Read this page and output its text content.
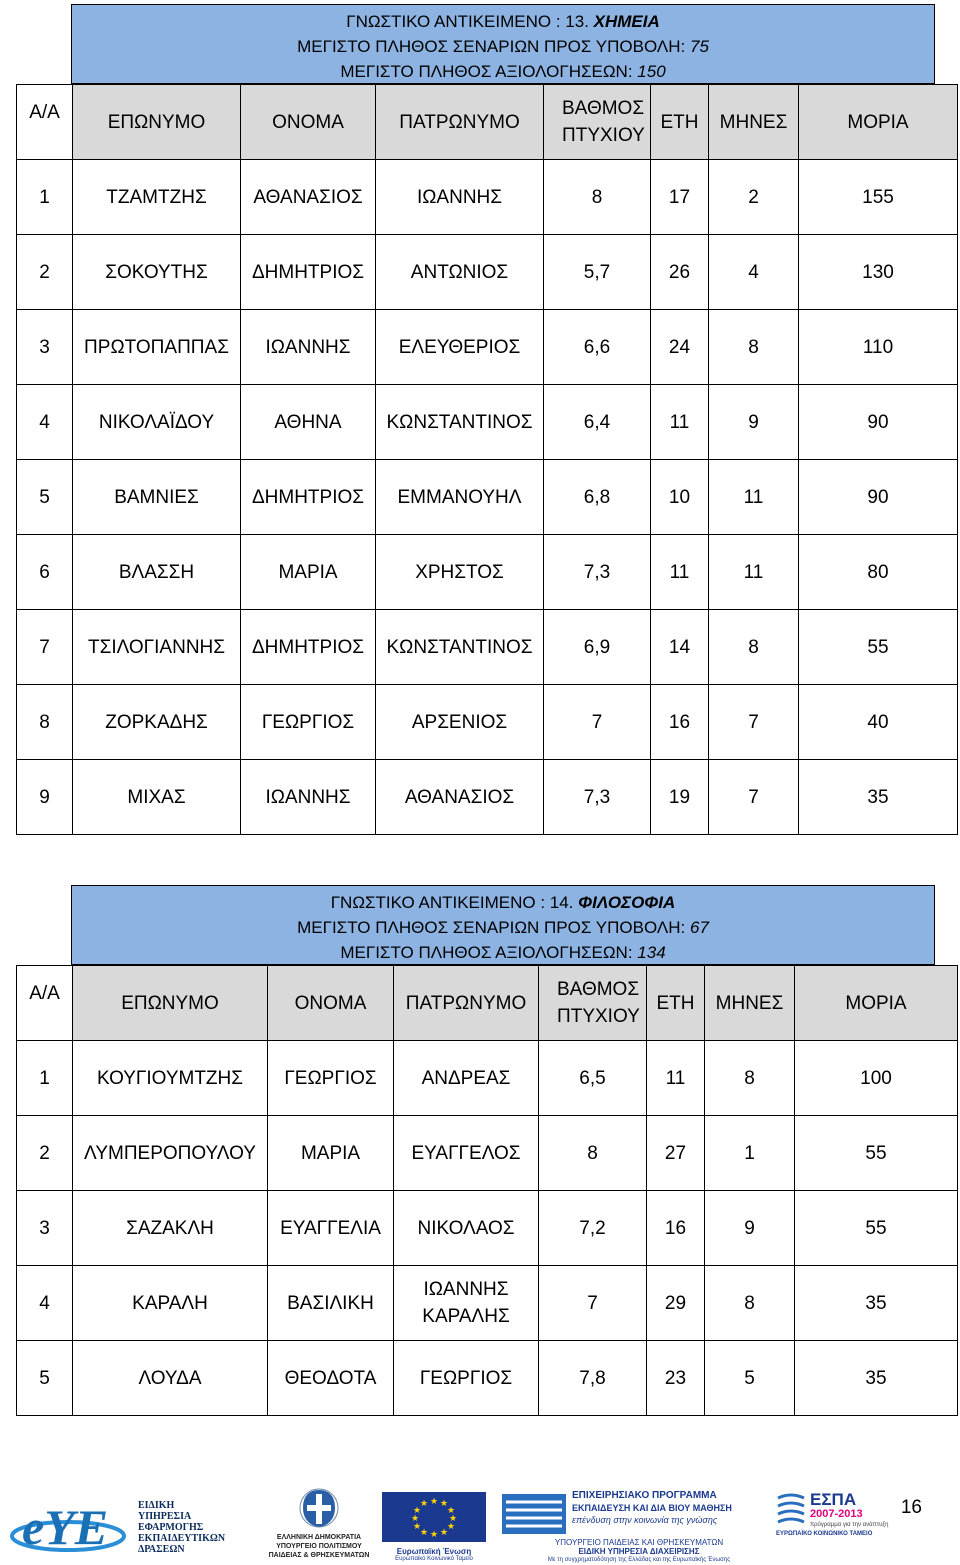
ΓΝΩΣΤΙΚΟ ΑΝΤΙΚΕΙΜΕΝΟ : 13. ΧΗΜΕΙΑ
ΜΕΓΙΣΤΟ ΠΛΗΘΟΣ ΣΕΝΑΡΙΩΝ ΠΡΟΣ ΥΠΟΒΟΛΗ: 75
ΜΕΓΙΣΤΟ ΠΛΗΘΟΣ ΑΞΙΟΛΟΓΗΣΕΩΝ: 150
Α/Α	ΕΠΩΝΥΜΟ	ΟΝΟΜΑ	ΠΑΤΡΩΝΥΜΟ	ΒΑΘΜΟΣ ΠΤΥΧΙΟΥ	ΕΤΗ	ΜΗΝΕΣ	ΜΟΡΙΑ
1	ΤΖΑΜΤΖΗΣ	ΑΘΑΝΑΣΙΟΣ	ΙΩΑΝΝΗΣ	8	17	2	155
2	ΣΟΚΟΥΤΗΣ	ΔΗΜΗΤΡΙΟΣ	ΑΝΤΩΝΙΟΣ	5,7	26	4	130
3	ΠΡΩΤΟΠΑΠΠΑΣ	ΙΩΑΝΝΗΣ	ΕΛΕΥΘΕΡΙΟΣ	6,6	24	8	110
4	ΝΙΚΟΛΑΪΔΟΥ	ΑΘΗΝΑ	ΚΩΝΣΤΑΝΤΙΝΟΣ	6,4	11	9	90
5	ΒΑΜΝΙΕΣ	ΔΗΜΗΤΡΙΟΣ	ΕΜΜΑΝΟΥΗΛ	6,8	10	11	90
6	ΒΛΑΣΣΗ	ΜΑΡΙΑ	ΧΡΗΣΤΟΣ	7,3	11	11	80
7	ΤΣΙΛΟΓΙΑΝΝΗΣ	ΔΗΜΗΤΡΙΟΣ	ΚΩΝΣΤΑΝΤΙΝΟΣ	6,9	14	8	55
8	ΖΟΡΚΑΔΗΣ	ΓΕΩΡΓΙΟΣ	ΑΡΣΕΝΙΟΣ	7	16	7	40
9	ΜΙΧΑΣ	ΙΩΑΝΝΗΣ	ΑΘΑΝΑΣΙΟΣ	7,3	19	7	35
ΓΝΩΣΤΙΚΟ ΑΝΤΙΚΕΙΜΕΝΟ : 14. ΦΙΛΟΣΟΦΙΑ
ΜΕΓΙΣΤΟ ΠΛΗΘΟΣ ΣΕΝΑΡΙΩΝ ΠΡΟΣ ΥΠΟΒΟΛΗ: 67
ΜΕΓΙΣΤΟ ΠΛΗΘΟΣ ΑΞΙΟΛΟΓΗΣΕΩΝ: 134
Α/Α	ΕΠΩΝΥΜΟ	ΟΝΟΜΑ	ΠΑΤΡΩΝΥΜΟ	ΒΑΘΜΟΣ ΠΤΥΧΙΟΥ	ΕΤΗ	ΜΗΝΕΣ	ΜΟΡΙΑ
1	ΚΟΥΓΙΟΥΜΤΖΗΣ	ΓΕΩΡΓΙΟΣ	ΑΝΔΡΕΑΣ	6,5	11	8	100
2	ΛΥΜΠΕΡΟΠΟΥΛΟΥ	ΜΑΡΙΑ	ΕΥΑΓΓΕΛΟΣ	8	27	1	55
3	ΣΑΖΑΚΛΗ	ΕΥΑΓΓΕΛΙΑ	ΝΙΚΟΛΑΟΣ	7,2	16	9	55
4	ΚΑΡΑΛΗ	ΒΑΣΙΛΙΚΗ	ΙΩΑΝΝΗΣ ΚΑΡΑΛΗΣ	7	29	8	35
5	ΛΟΥΔΑ	ΘΕΟΔΟΤΑ	ΓΕΩΡΓΙΟΣ	7,8	23	5	35
eYE	ΕΙΔΙΚΗ
ΥΠΗΡΕΣΙΑ
ΕΦΑΡΜΟΓΗΣ
ΕΚΠΑΙΔΕΥΤΙΚΩΝ
ΔΡΑΣΕΩΝ
ΕΛΛΗΝΙΚΗ ΔΗΜΟΚΡΑΤΙΑ
ΥΠΟΥΡΓΕΙΟ ΠΟΛΙΤΙΣΜΟΥ
ΠΑΙΔΕΙΑΣ & ΘΡΗΣΚΕΥΜΑΤΩΝ
★ ★
★
★
★
★
★
★
★
★
★
★
Ευρωπαϊκή Ένωση
Ευρωπαϊκό Κοινωνικό Ταμείο
ΕΠΙΧΕΙΡΗΣΙΑΚΟ ΠΡΟΓΡΑΜΜΑ
ΕΚΠΑΙΔΕΥΣΗ ΚΑΙ ΔΙΑ ΒΙΟΥ ΜΑΘΗΣΗ
επένδυση στην κοινωνία της γνώσης
ΥΠΟΥΡΓΕΙΟ ΠΑΙΔΕΙΑΣ ΚΑΙ ΘΡΗΣΚΕΥΜΑΤΩΝ
ΕΙΔΙΚΗ ΥΠΗΡΕΣΙΑ ΔΙΑΧΕΙΡΙΣΗΣ
Με τη συγχρηματοδότηση της Ελλάδας και της Ευρωπαϊκής Ένωσης
ΕΣΠΑ
2007-2013
πρόγραμμα για την ανάπτυξη
ΕΥΡΩΠΑΪΚΟ ΚΟΙΝΩΝΙΚΟ ΤΑΜΕΙΟ
16
